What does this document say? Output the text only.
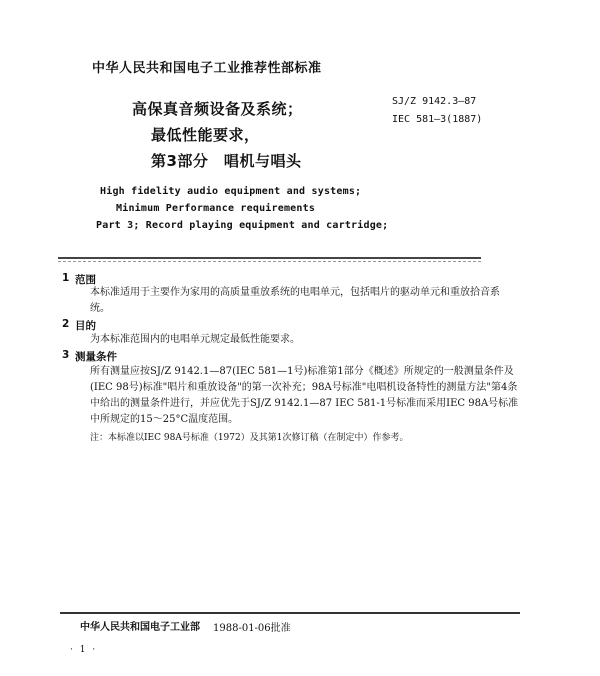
中华人民共和国电子工业推荐性部标准
高保真音频设备及系统；
最低性能要求，
第3部分　唱机与唱头
SJ/Z 9142.3—87
IEC 581—3(1887)
High fidelity audio equipment and systems;
Minimum Performance requirements
Part 3; Record playing equipment and cartridge;
1 范围
本标准适用于主要作为家用的高质量重放系统的电唱单元，包括唱片的驱动单元和重放拾音系统。
2 目的
为本标准范围内的电唱单元规定最低性能要求。
3 测量条件
所有测量应按SJ/Z 9142.1—87(IEC 581—1号)标准第1部分《概述》所规定的一般测量条件及(IEC 98号)标准"唱片和重放设备"的第一次补充；98A号标准"电唱机设备特性的测量方法"第4条中给出的测量条件进行，并应优先于SJ/Z 9142.1—87 IEC 581-1号标准而采用IEC 98A号标准中所规定的15～25°C温度范围。
注：本标准以IEC 98A号标准（1972）及其第1次修订稿（在制定中）作参考。
中华人民共和国电子工业部 1988-01-06批准
· 1 ·
